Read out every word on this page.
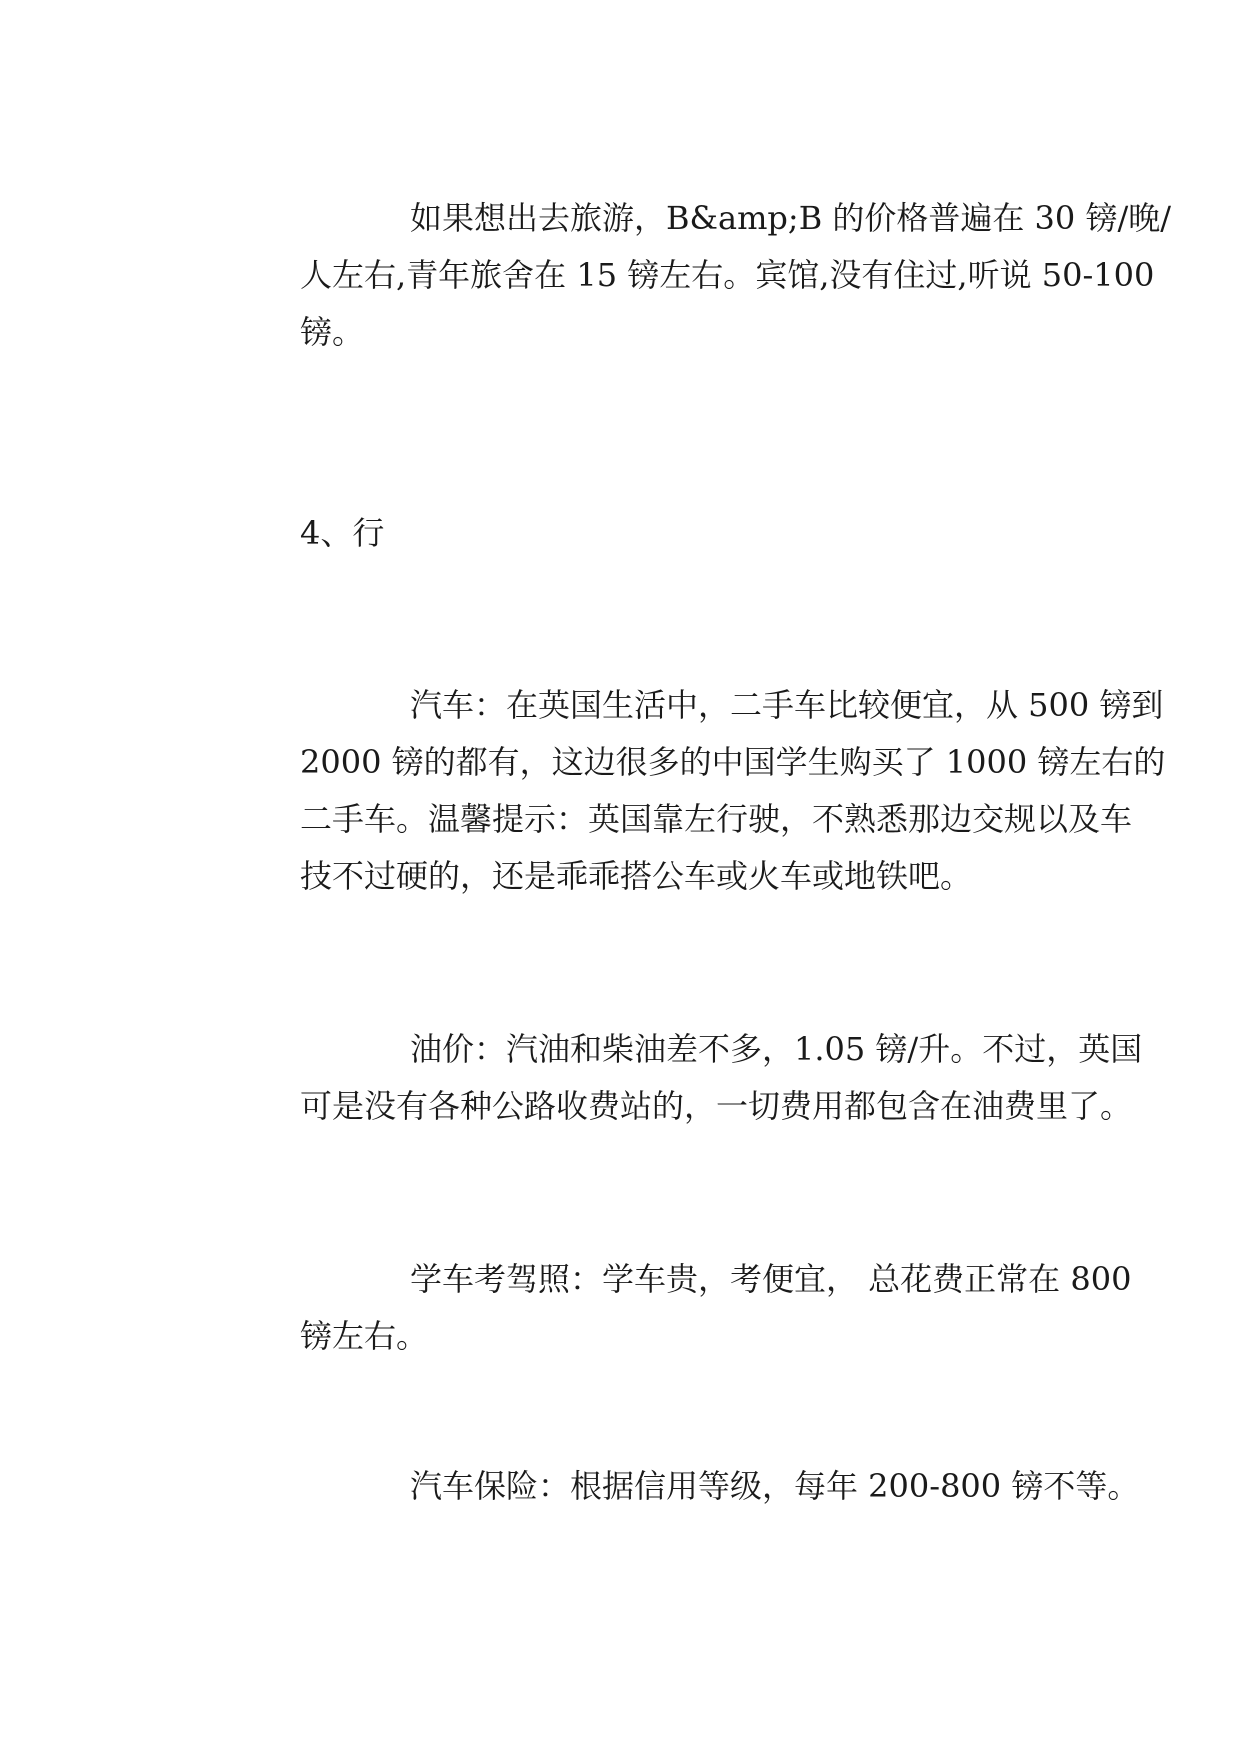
如果想出去旅游，B&amp;B 的价格普遍在 30 镑/晚/
人左右,青年旅舍在 15 镑左右。宾馆,没有住过,听说 50-100
镑。

4、行

汽车：在英国生活中，二手车比较便宜，从 500 镑到
2000 镑的都有，这边很多的中国学生购买了 1000 镑左右的
二手车。温馨提示：英国靠左行驶，不熟悉那边交规以及车
技不过硬的，还是乖乖搭公车或火车或地铁吧。

油价：汽油和柴油差不多，1.05 镑/升。不过，英国
可是没有各种公路收费站的，一切费用都包含在油费里了。

学车考驾照：学车贵，考便宜， 总花费正常在 800
镑左右。

汽车保险：根据信用等级，每年 200-800 镑不等。
